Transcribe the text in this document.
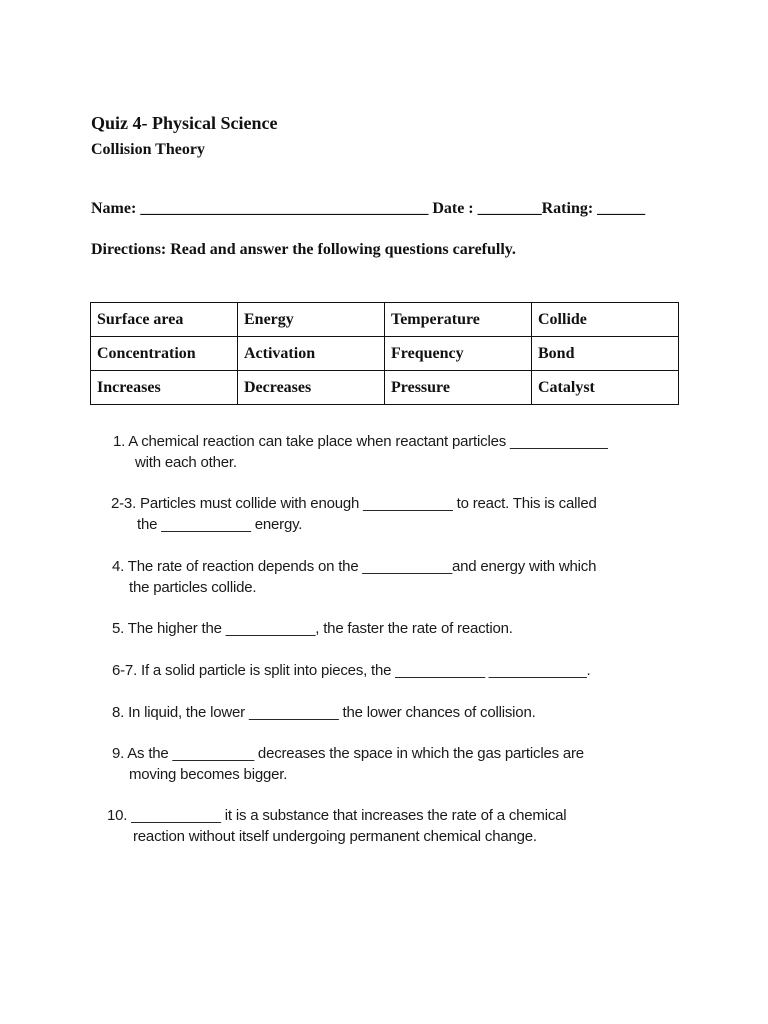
Quiz 4- Physical Science
Collision Theory
Name: ____________________________________ Date : ________Rating: ______
Directions: Read and answer the following questions carefully.
Surface area	Energy	Temperature	Collide
Concentration	Activation	Frequency	Bond
Increases	Decreases	Pressure	Catalyst
1. A chemical reaction can take place when reactant particles ____________
with each other.
2-3. Particles must collide with enough ___________ to react. This is called
the ___________ energy.
4. The rate of reaction depends on the ___________and energy with which
the particles collide.
5. The higher the ___________, the faster the rate of reaction.
6-7. If a solid particle is split into pieces, the ___________ ____________.
8. In liquid, the lower ___________ the lower chances of collision.
9. As the __________ decreases the space in which the gas particles are
moving becomes bigger.
10. ___________ it is a substance that increases the rate of a chemical
reaction without itself undergoing permanent chemical change.
